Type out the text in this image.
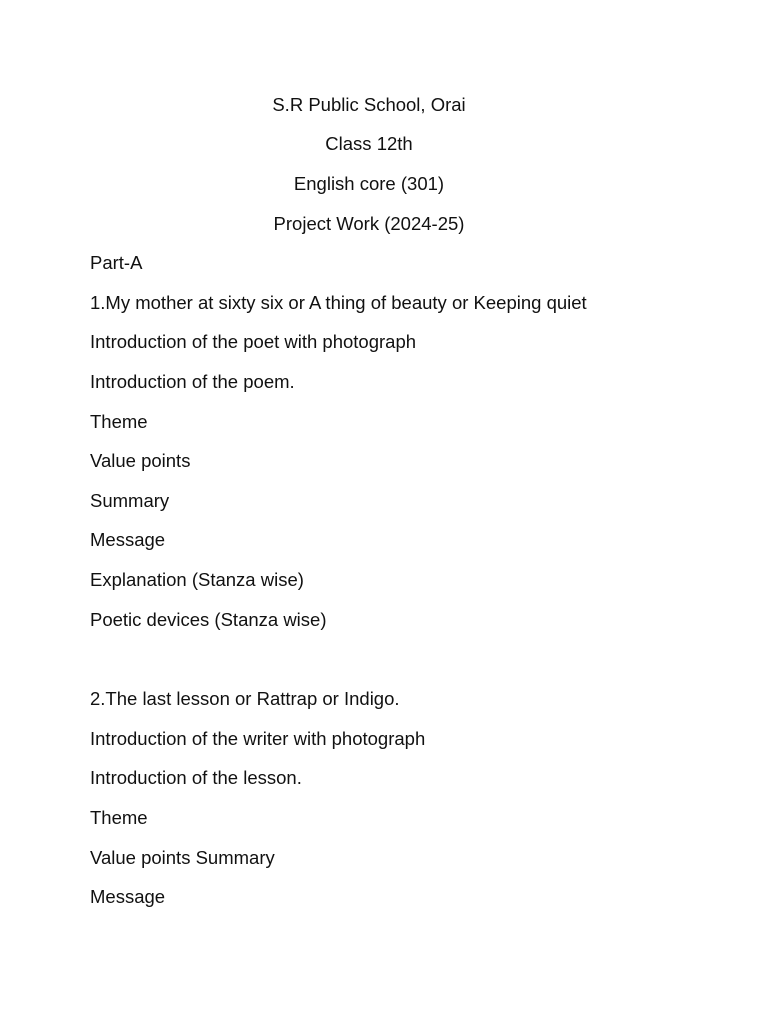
S.R Public School, Orai
Class 12th
English core (301)
Project Work (2024-25)
Part-A
1.My mother at sixty six or A thing of beauty or Keeping quiet
Introduction of the poet with photograph
Introduction of the poem.
Theme
Value points
Summary
Message
Explanation (Stanza wise)
Poetic devices (Stanza wise)
2.The last lesson or Rattrap or Indigo.
Introduction of the writer with photograph
Introduction of the lesson.
Theme
Value points Summary
Message
